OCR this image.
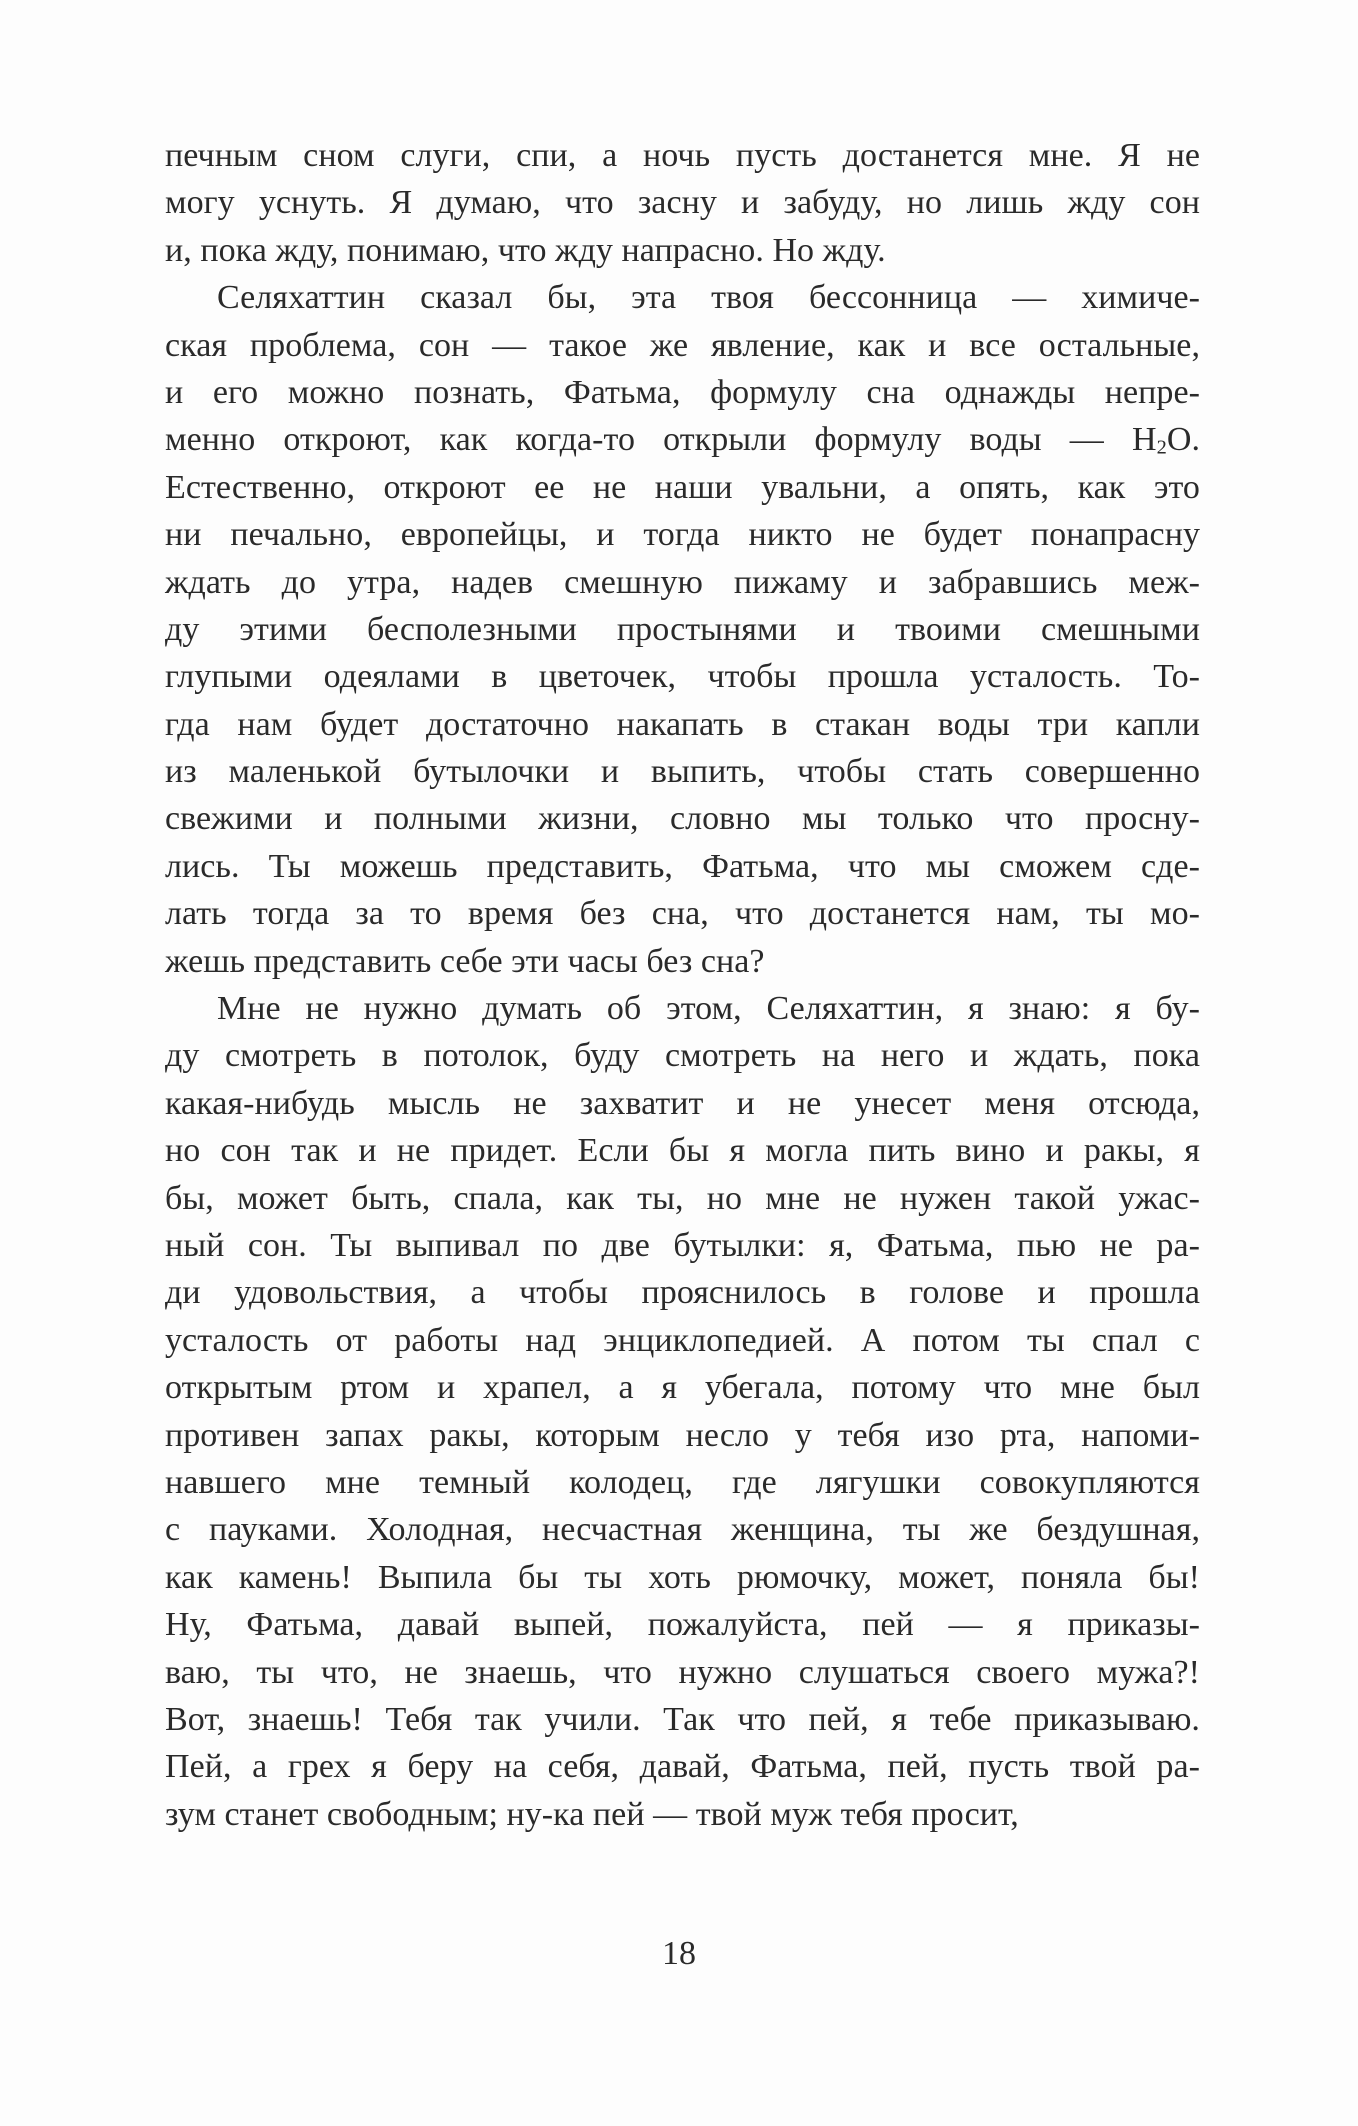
печным сном слуги, спи, а ночь пусть достанется мне. Я не
могу уснуть. Я думаю, что засну и забуду, но лишь жду сон
и, пока жду, понимаю, что жду напрасно. Но жду.
Селяхаттин сказал бы, эта твоя бессонница — химиче-
ская проблема, сон — такое же явление, как и все остальные,
и его можно познать, Фатьма, формулу сна однажды непре-
менно откроют, как когда-то открыли формулу воды — $H_2O$.
Естественно, откроют ее не наши увальни, а опять, как это
ни печально, европейцы, и тогда никто не будет понапрасну
ждать до утра, надев смешную пижаму и забравшись меж-
ду этими бесполезными простынями и твоими смешными
глупыми одеялами в цветочек, чтобы прошла усталость. То-
гда нам будет достаточно накапать в стакан воды три капли
из маленькой бутылочки и выпить, чтобы стать совершенно
свежими и полными жизни, словно мы только что просну-
лись. Ты можешь представить, Фатьма, что мы сможем сде-
лать тогда за то время без сна, что достанется нам, ты мо-
жешь представить себе эти часы без сна?
Мне не нужно думать об этом, Селяхаттин, я знаю: я бу-
ду смотреть в потолок, буду смотреть на него и ждать, пока
какая-нибудь мысль не захватит и не унесет меня отсюда,
но сон так и не придет. Если бы я могла пить вино и ракы, я
бы, может быть, спала, как ты, но мне не нужен такой ужас-
ный сон. Ты выпивал по две бутылки: я, Фатьма, пью не ра-
ди удовольствия, а чтобы прояснилось в голове и прошла
усталость от работы над энциклопедией. А потом ты спал с
открытым ртом и храпел, а я убегала, потому что мне был
противен запах ракы, которым несло у тебя изо рта, напоми-
навшего мне темный колодец, где лягушки совокупляются
с пауками. Холодная, несчастная женщина, ты же бездушная,
как камень! Выпила бы ты хоть рюмочку, может, поняла бы!
Ну, Фатьма, давай выпей, пожалуйста, пей — я приказы-
ваю, ты что, не знаешь, что нужно слушаться своего мужа?!
Вот, знаешь! Тебя так учили. Так что пей, я тебе приказываю.
Пей, а грех я беру на себя, давай, Фатьма, пей, пусть твой ра-
зум станет свободным; ну-ка пей — твой муж тебя просит,
18
